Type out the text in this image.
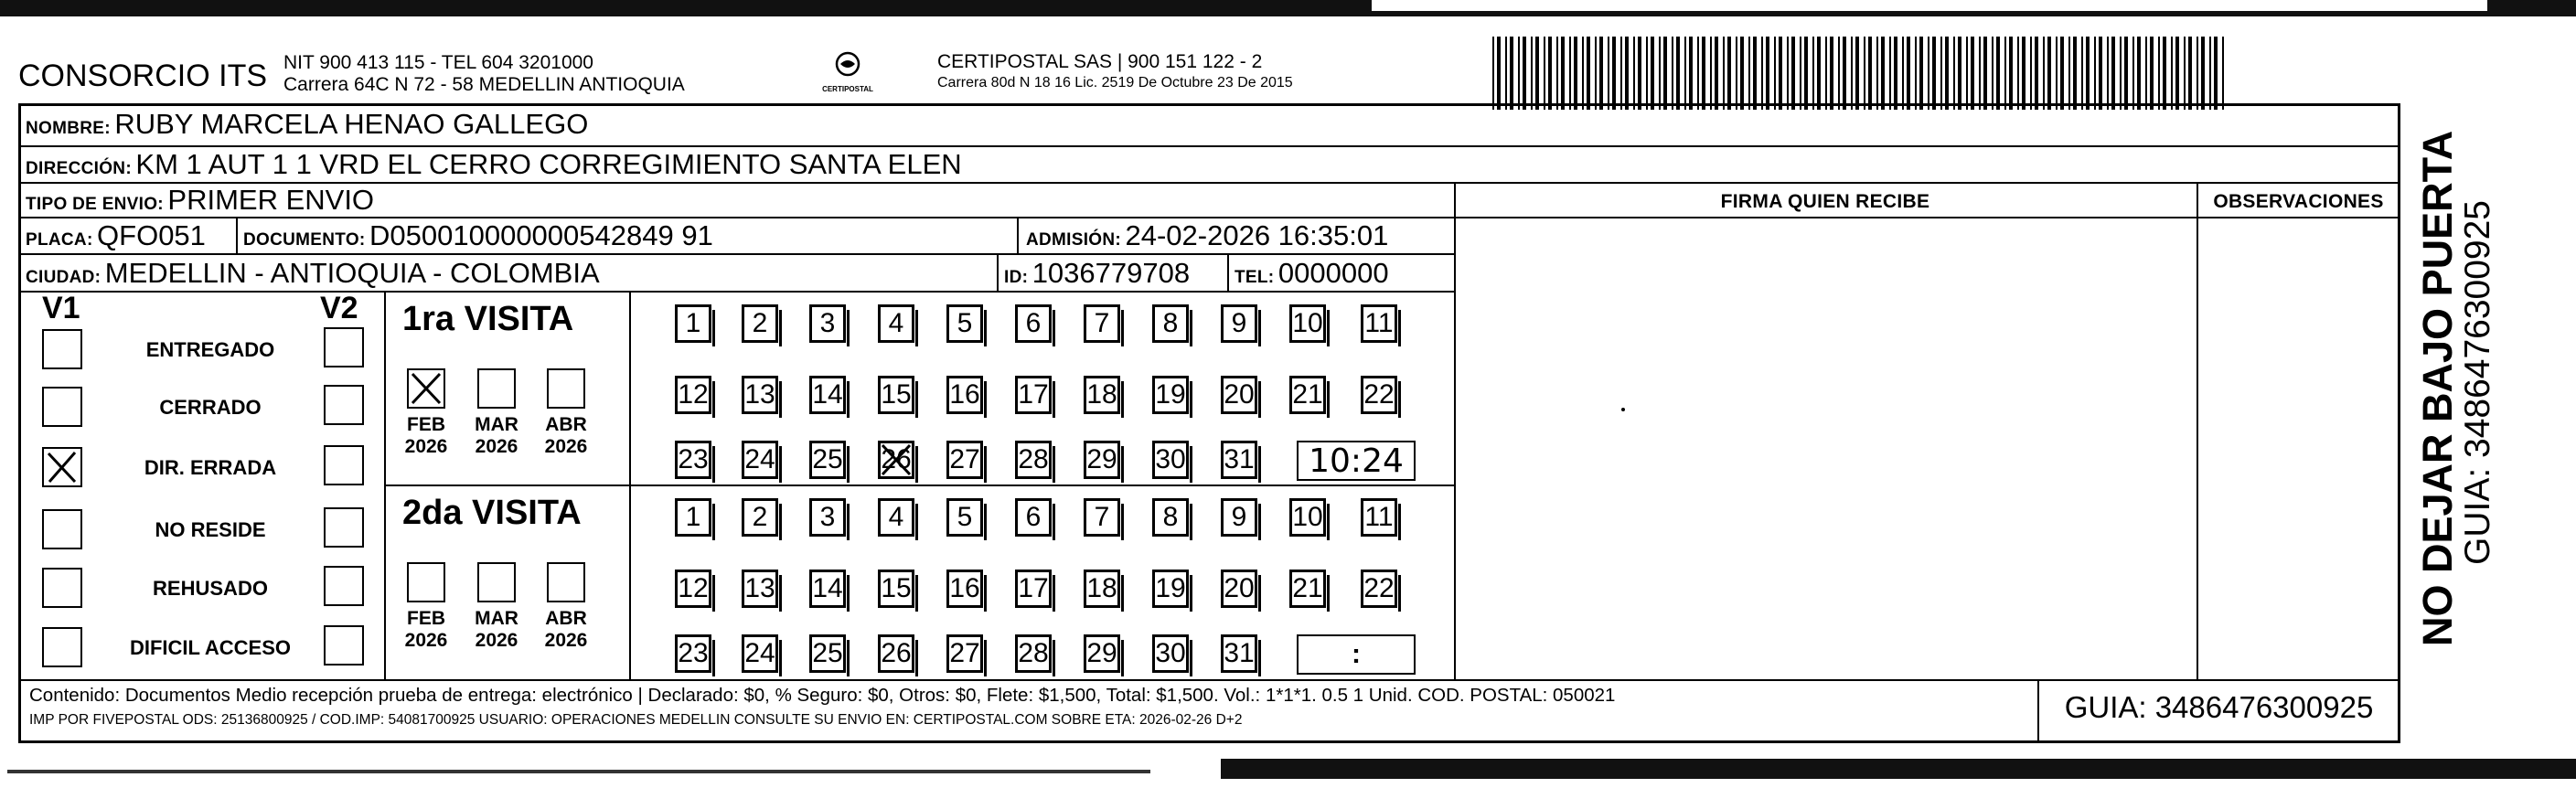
CONSORCIO ITS NIT 900 413 115 - TEL 604 3201000
Carrera 64C N 72 - 58 MEDELLIN ANTIOQUIA	CERTIPOSTAL
CERTIPOSTAL SAS | 900 151 122 - 2
Carrera 80d N 18 16 Lic. 2519 De Octubre 23 De 2015
NOMBRE: RUBY MARCELA HENAO GALLEGO
DIRECCIÓN: KM 1 AUT 1 1 VRD EL CERRO CORREGIMIENTO SANTA ELEN
TIPO DE ENVIO: PRIMER ENVIO
PLACA: QFO051 DOCUMENTO: D050010000000542849 91	ADMISIÓN: 24-02-2026 16:35:01
CIUDAD: MEDELLIN - ANTIOQUIA - COLOMBIA	ID: 1036779708	TEL: 0000000
FIRMA QUIEN RECIBE	OBSERVACIONES
V1	V2
ENTREGADO
CERRADO
DIR. ERRADA
NO RESIDE
REHUSADO
DIFICIL ACCESO
1ra VISITA
FEB
2026
MAR
2026
ABR
2026
1	2	3	4	5	6	7	8	9	10 11
12 13 14 15 16 17 18 19 20 21 22
23 24 25 26 27 28 29 30 31	10:24
2da VISITA
FEB
2026
MAR
2026
ABR
2026
1	2	3	4	5	6	7	8	9	10 11
12 13 14 15 16 17 18 19 20 21 22
23 24 25 26 27 28 29 30 31	:
Contenido: Documentos Medio recepción prueba de entrega: electrónico | Declarado: $0, % Seguro: $0, Otros: $0, Flete: $1,500, Total: $1,500. Vol.: 1*1*1. 0.5 1 Unid. COD. POSTAL: 050021
IMP POR FIVEPOSTAL ODS: 25136800925 / COD.IMP: 54081700925 USUARIO: OPERACIONES MEDELLIN CONSULTE SU ENVIO EN: CERTIPOSTAL.COM SOBRE ETA: 2026-02-26 D+2	GUIA: 3486476300925
NO DEJAR BAJO PUERTA
GUIA: 3486476300925
